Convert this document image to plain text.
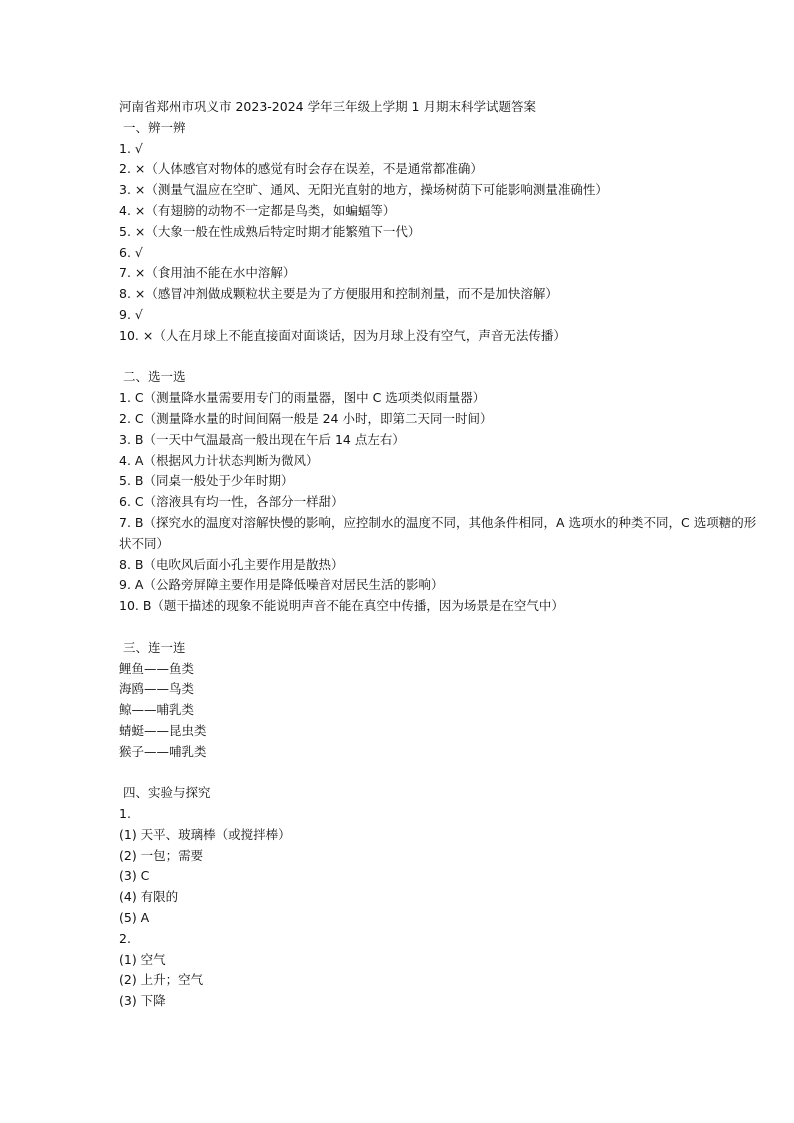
河南省郑州市巩义市 2023-2024 学年三年级上学期 1 月期末科学试题答案
一、辨一辨
1. √
2. ×（人体感官对物体的感觉有时会存在误差，不是通常都准确）
3. ×（测量气温应在空旷、通风、无阳光直射的地方，操场树荫下可能影响测量准确性）
4. ×（有翅膀的动物不一定都是鸟类，如蝙蝠等）
5. ×（大象一般在性成熟后特定时期才能繁殖下一代）
6. √
7. ×（食用油不能在水中溶解）
8. ×（感冒冲剂做成颗粒状主要是为了方便服用和控制剂量，而不是加快溶解）
9. √
10. ×（人在月球上不能直接面对面谈话，因为月球上没有空气，声音无法传播）
二、选一选
1. C（测量降水量需要用专门的雨量器，图中 C 选项类似雨量器）
2. C（测量降水量的时间间隔一般是 24 小时，即第二天同一时间）
3. B（一天中气温最高一般出现在午后 14 点左右）
4. A（根据风力计状态判断为微风）
5. B（同桌一般处于少年时期）
6. C（溶液具有均一性，各部分一样甜）
7. B（探究水的温度对溶解快慢的影响，应控制水的温度不同，其他条件相同，A 选项水的种类不同，C 选项糖的形状不同）
8. B（电吹风后面小孔主要作用是散热）
9. A（公路旁屏障主要作用是降低噪音对居民生活的影响）
10. B（题干描述的现象不能说明声音不能在真空中传播，因为场景是在空气中）
三、连一连
鲤鱼——鱼类
海鸥——鸟类
鲸——哺乳类
蜻蜓——昆虫类
猴子——哺乳类
四、实验与探究
1.
(1) 天平、玻璃棒（或搅拌棒）
(2) 一包；需要
(3) C
(4) 有限的
(5) A
2.
(1) 空气
(2) 上升；空气
(3) 下降
